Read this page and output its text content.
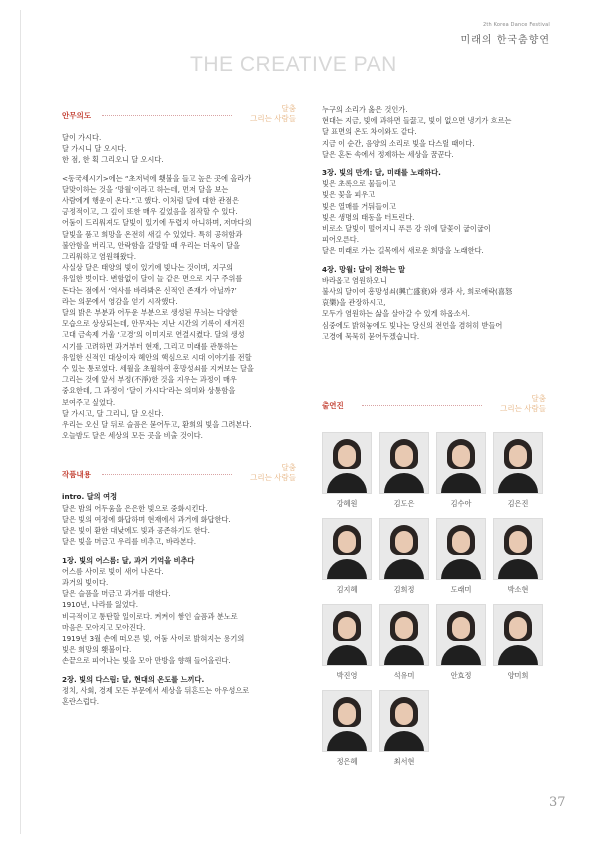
2th Korea Dance Festival
미래의 한국춤향연
THE CREATIVE PAN
안무의도
달춤
그리는 사람들

달이 가시다.

달 가시니 달 오시다.

한 점, 한 획 그리오니 달 오시다.

<동국세시기>에는 “초저녁에 횃불을 들고 높은 곳에 올라가

달맞이하는 것을 ‘망월’이라고 하는데, 먼저 달을 보는

사람에게 행운이 온다.”고 했다. 이처럼 달에 대한 관점은

긍정적이고, 그 깊이 또한 매우 깊었음을 짐작할 수 있다.

어둠이 드리워져도 달빛이 있기에 두렵지 아니하며, 저마다의

달빛을 품고 희망을 온전히 새길 수 있었다. 특히 공허함과

불안함을 버리고, 안락함을 갈망할 때 우리는 더욱이 달을

그리워하고 염원해왔다.

사실상 달은 태양의 빛이 있기에 빛나는 것이며, 지구의

유일한 벗이다. 변함없이 달이 늘 같은 면으로 지구 주위를

돈다는 점에서 ‘역사를 바라봐온 신적인 존재가 아닐까?’

라는 의문에서 영감을 얻기 시작했다.

달의 밝은 부분과 어두운 부분으로 생성된 무늬는 다양한

모습으로 상상되는데, 안무자는 지난 시간의 기록이 새겨진

고대 금속제 거울 ‘고경’의 이미지로 연결시켰다. 달의 생성

시기를 고려하면 과거부터 현재, 그리고 미래를 관통하는

유일한 신적인 대상이자 혜안의 핵심으로 시대 이야기를 전할

수 있는 통로였다. 세월을 초월하여 흥망성쇠를 지켜보는 달을

그리는 것에 앞서 부정(不淨)한 것을 지우는 과정이 매우

중요한데, 그 과정이 ‘달이 가시다’라는 의미와 상통함을

보여주고 싶었다.

달 가시고, 달 그리니, 달 오신다.

우리는 오신 달 뒤로 슬픔은 묻어두고, 환희의 빛을 그려본다.

오늘밤도 달은 세상의 모든 곳을 비출 것이다.

작품내용
달춤
그리는 사람들

intro. 달의 여정

달은 밤의 어두움을 은은한 빛으로 중화시킨다.

달은 빛의 여정에 화답하며 현재에서 과거에 화답한다.

달은 빛이 환한 대낮에도 빛과 공존하기도 한다.

달은 빛을 머금고 우리를 비추고, 바라본다.

1장. 빛의 어스름: 달, 과거 기억을 비추다

어스름 사이로 빛이 새어 나온다.

과거의 빛이다.

달은 슬픔을 머금고 과거를 대한다.

1910년, 나라를 잃었다.

비극적이고 통탄할 일이로다. 켜켜이 쌓인 슬픔과 분노로

마음은 모아지고 모아진다.

1919년 3월 손에 떠오른 빛, 어둠 사이로 밝혀지는 용기의

빛은 희망의 횃불이다.

손끝으로 피어나는 빛을 모아 만방을 향해 들어올린다.

2장. 빛의 다스림: 달, 현대의 온도를 느끼다.

정치, 사회, 경제 모든 부문에서 세상을 뒤흔드는 아우성으로

혼란스럽다.

누구의 소리가 옳은 것인가.

현대는 지금, 빛에 과하면 들끓고, 빛이 없으면 냉기가 흐르는

달 표면의 온도 차이와도 같다.

지금 이 순간, 음양의 소리로 빛을 다스릴 때이다.

달은 혼돈 속에서 정제하는 세상을 꿈꾼다.

3장. 빛의 만개: 달, 미래를 노래하다.

빛은 초록으로 물들이고

빛은 꽃을 피우고

빛은 열매를 거둬들이고

빛은 생명의 태동을 터트린다.

비로소 달빛이 떨어지니 푸른 강 위에 달꽃이 굽이굽이

피어오른다.

달은 미래로 가는 길목에서 새로운 희망을 노래한다.

4장. 망월: 달이 전하는 말

바라옵고 염원하오니

불사의 달이여 흥망성쇠(興亡盛衰)와 생과 사, 희로애락(喜怒

哀樂)을 관장하시고,

모두가 염원하는 삶을 살아갈 수 있게 하옵소서.

심중에도 밝혀놓에도 빛나는 당신의 전언을 겸허히 받들어

고경에 묵묵히 묻어두겠습니다.

출연진
달춤
그리는 사람들
강혜원	김도은	김수아	김은진
김지혜	김희정	도래미	박소현
박진영	석유미	안효정	양미희
정은혜	최서현
37
